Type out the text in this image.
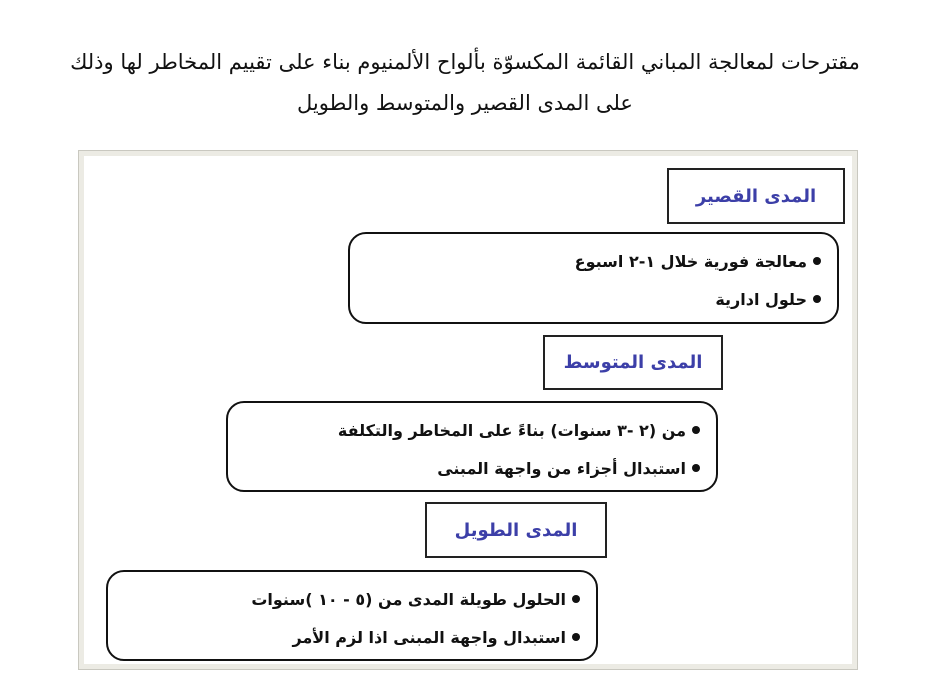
مقترحات لمعالجة المباني القائمة المكسوّة بألواح الألمنيوم بناء على تقييم المخاطر لها وذلك
على المدى القصير والمتوسط والطويل
المدى القصير
معالجة فورية خلال ١-٢ اسبوع
حلول ادارية
المدى المتوسط
من (٢ -٣ سنوات) بناءً على المخاطر والتكلفة
استبدال أجزاء من واجهة المبنى
المدى الطويل
الحلول طويلة المدى من (٥ - ١٠ )سنوات
استبدال واجهة المبنى اذا لزم الأمر
